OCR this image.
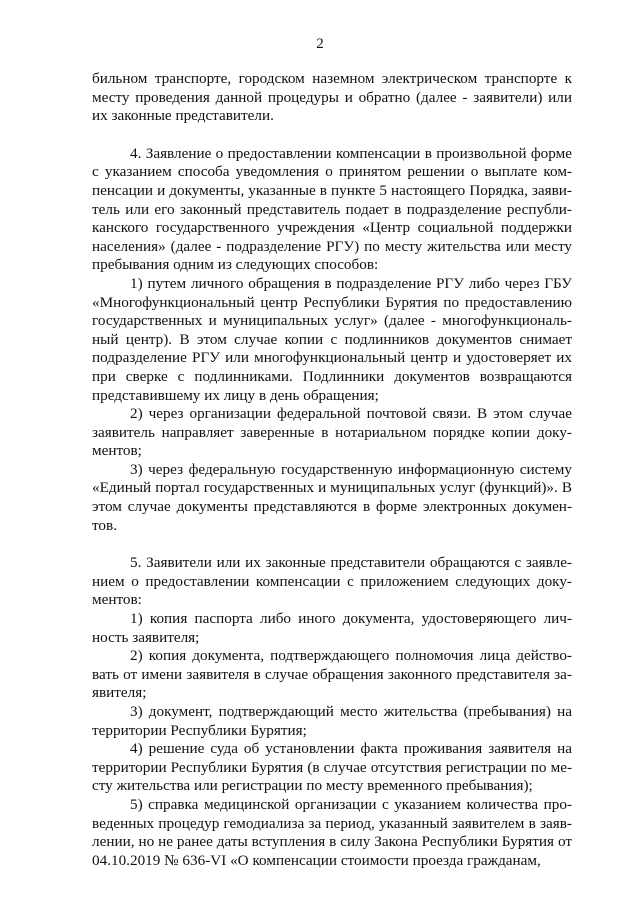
2

бильном транспорте, городском наземном электрическом транспорте к
месту проведения данной процедуры и обратно (далее - заявители) или
их законные представители.

4. Заявление о предоставлении компенсации в произвольной форме
с указанием способа уведомления о принятом решении о выплате ком-
пенсации и документы, указанные в пункте 5 настоящего Порядка, заяви-
тель или его законный представитель подает в подразделение республи-
канского государственного учреждения «Центр социальной поддержки
населения» (далее - подразделение РГУ) по месту жительства или месту
пребывания одним из следующих способов:

1) путем личного обращения в подразделение РГУ либо через ГБУ
«Многофункциональный центр Республики Бурятия по предоставлению
государственных и муниципальных услуг» (далее - многофункциональ-
ный центр). В этом случае копии с подлинников документов снимает
подразделение РГУ или многофункциональный центр и удостоверяет их
при сверке с подлинниками. Подлинники документов возвращаются
представившему их лицу в день обращения;

2) через организации федеральной почтовой связи. В этом случае
заявитель направляет заверенные в нотариальном порядке копии доку-
ментов;

3) через федеральную государственную информационную систему
«Единый портал государственных и муниципальных услуг (функций)». В
этом случае документы представляются в форме электронных докумен-
тов.

5. Заявители или их законные представители обращаются с заявле-
нием о предоставлении компенсации с приложением следующих доку-
ментов:

1) копия паспорта либо иного документа, удостоверяющего лич-
ность заявителя;

2) копия документа, подтверждающего полномочия лица действо-
вать от имени заявителя в случае обращения законного представителя за-
явителя;

3) документ, подтверждающий место жительства (пребывания) на
территории Республики Бурятия;

4) решение суда об установлении факта проживания заявителя на
территории Республики Бурятия (в случае отсутствия регистрации по ме-
сту жительства или регистрации по месту временного пребывания);

5) справка медицинской организации с указанием количества про-
веденных процедур гемодиализа за период, указанный заявителем в заяв-
лении, но не ранее даты вступления в силу Закона Республики Бурятия от
04.10.2019 № 636-VI «О компенсации стоимости проезда гражданам,
